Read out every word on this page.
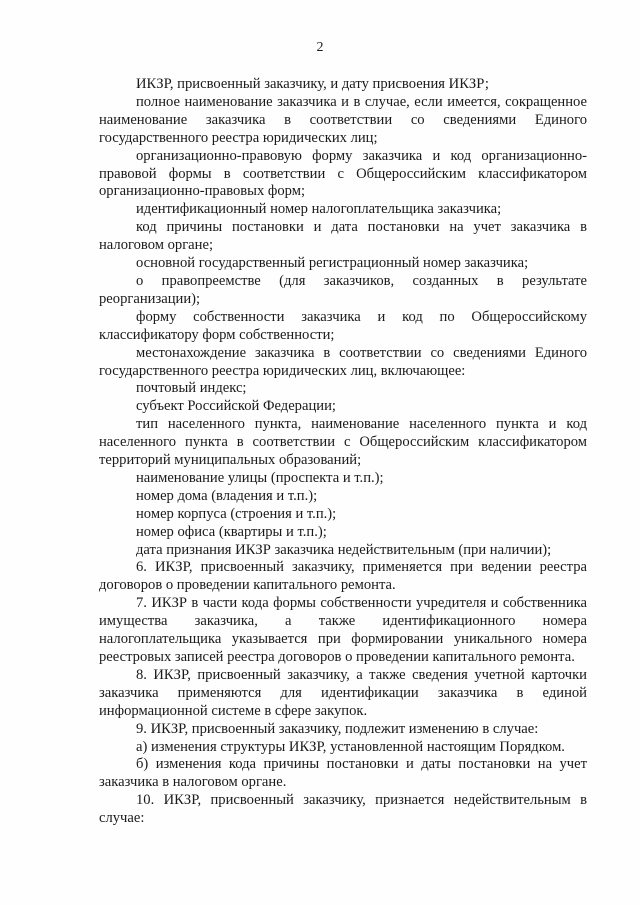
2

ИКЗР, присвоенный заказчику, и дату присвоения ИКЗР;

полное наименование заказчика и в случае, если имеется, сокращенное наименование заказчика в соответствии со сведениями Единого государственного реестра юридических лиц;

организационно-правовую форму заказчика и код организационно-правовой формы в соответствии с Общероссийским классификатором организационно-правовых форм;

идентификационный номер налогоплательщика заказчика;

код причины постановки и дата постановки на учет заказчика в налоговом органе;

основной государственный регистрационный номер заказчика;

о правопреемстве (для заказчиков, созданных в результате реорганизации);

форму собственности заказчика и код по Общероссийскому классификатору форм собственности;

местонахождение заказчика в соответствии со сведениями Единого государственного реестра юридических лиц, включающее:

почтовый индекс;

субъект Российской Федерации;

тип населенного пункта, наименование населенного пункта и код населенного пункта в соответствии с Общероссийским классификатором территорий муниципальных образований;

наименование улицы (проспекта и т.п.);

номер дома (владения и т.п.);

номер корпуса (строения и т.п.);

номер офиса (квартиры и т.п.);

дата признания ИКЗР заказчика недействительным (при наличии);

6. ИКЗР, присвоенный заказчику, применяется при ведении реестра договоров о проведении капитального ремонта.

7. ИКЗР в части кода формы собственности учредителя и собственника имущества заказчика, а также идентификационного номера налогоплательщика указывается при формировании уникального номера реестровых записей реестра договоров о проведении капитального ремонта.

8. ИКЗР, присвоенный заказчику, а также сведения учетной карточки заказчика применяются для идентификации заказчика в единой информационной системе в сфере закупок.

9. ИКЗР, присвоенный заказчику, подлежит изменению в случае:

а) изменения структуры ИКЗР, установленной настоящим Порядком.

б) изменения кода причины постановки и даты постановки на учет заказчика в налоговом органе.

10. ИКЗР, присвоенный заказчику, признается недействительным в случае:
